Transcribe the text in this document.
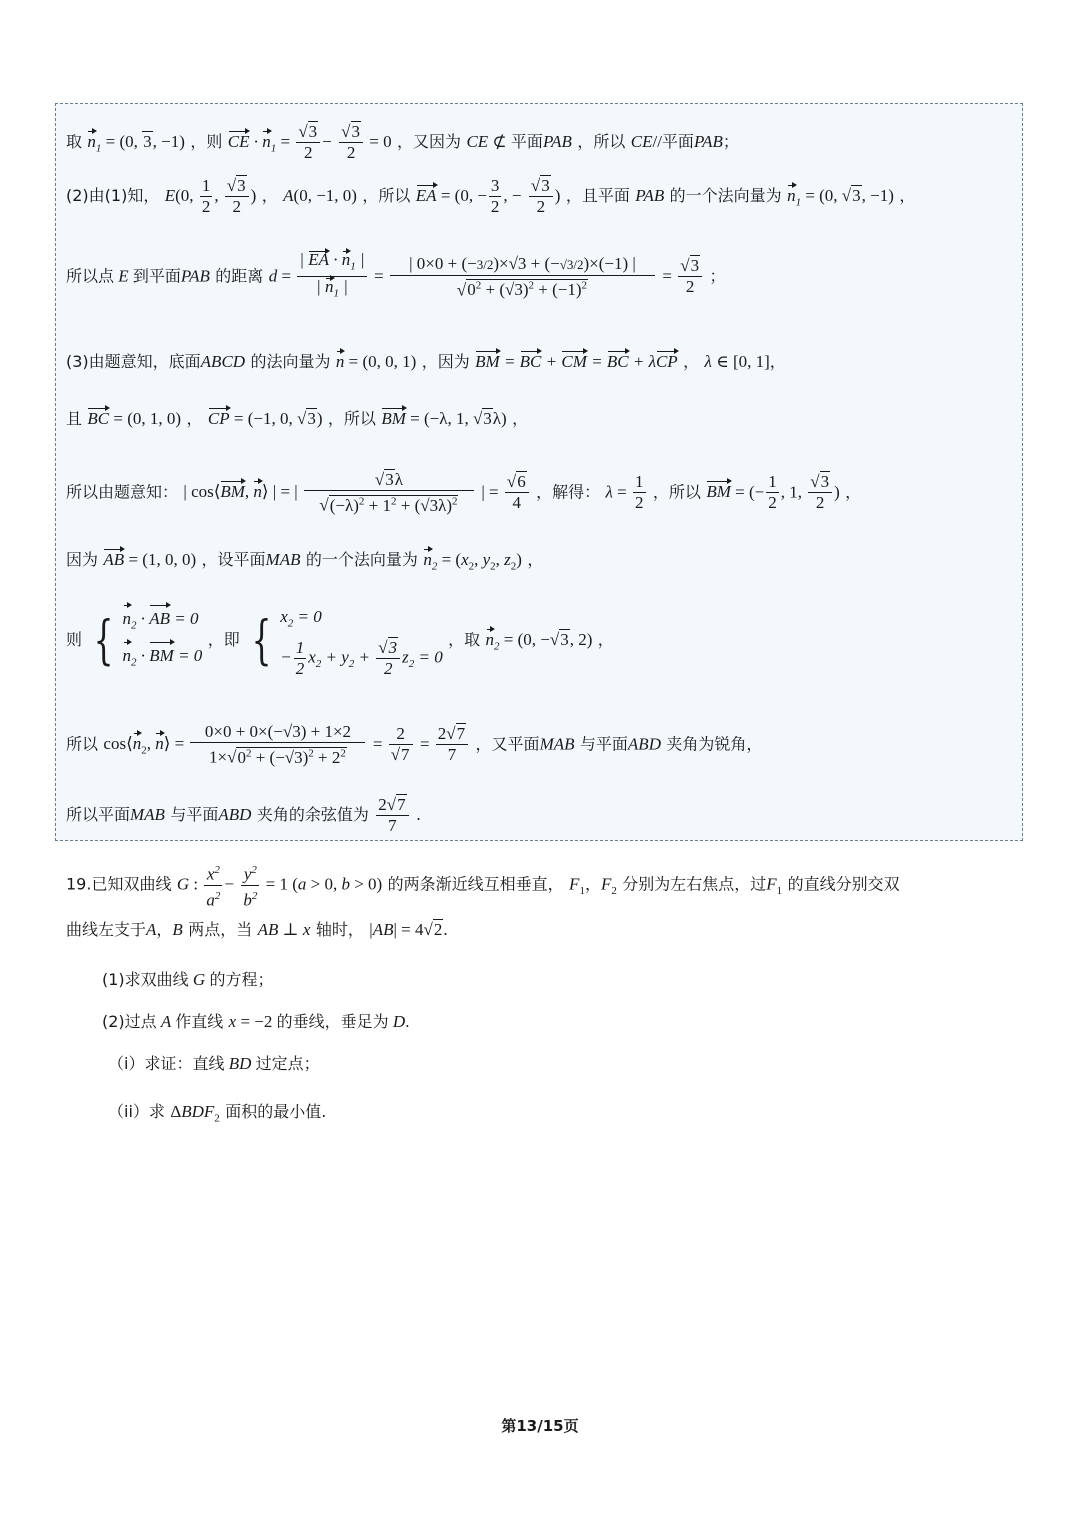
取 $n_1 = (0$, 3, −1) ，则 CE · $n_1 = \frac{√3}{2} - \frac{√3}{2} = 0$ ，又因为 CE ⊄ 平面PAB ，所以 CE//平面PAB；
(2)由(1)知， E(0, $\frac{1}{2}$ , $\frac{√3}{2}$ ) ， A(0, −1, 0) ，所以 EA = (0, − $\frac{3}{2}$ , − $\frac{√3}{2}$ ) ，且平面 PAB 的一个法向量为 $n_1 = (0$, √3, −1) ，
所以点 E 到平面PAB 的距离 $d = \frac{| EA \cdot n_1 |}{| n_1 |} = \frac{| 0\times 0 + (-3/2)\times√3 + (-√3/2)\times(-1) |}{√0^2 + (√3)^2 + (-1)^2} = \frac{√3}{2}$ ；
(3)由题意知，底面ABCD 的法向量为 n = (0, 0, 1) ，因为 BM = BC + CM = BC + λCP ， λ ∈ [0, 1]，
且 BC = (0, 1, 0) ， CP = (−1, 0, √3) ，所以 BM = (−λ, 1, √3λ) ，
所以由题意知： | cos⟨BM, n⟩ | = | $\frac{√3\lambda}{√(-\lambda)^2 + 1^2 + (√3\lambda)^2}$ | = $\frac{√6}{4}$ ，解得： $\lambda = \frac{1}{2}$ ，所以 BM = (− $\frac{1}{2}$ , 1, $\frac{√3}{2}$ ) ，
因为 AB = (1, 0, 0) ，设平面MAB 的一个法向量为 $n_2 = (x_2$, $y_2$, $z_2$) ，
则 { $n_2$ · AB = 0
$n_2$ · BM = 0
，即 { $x_2 = 0$
− $\frac{1}{2} x_2 + y_2 + \frac{√3}{2} z_2 = 0$
，取 $n_2 = (0$, −√3, 2) ，
所以 $\cos⟨n_2$, n⟩ = $\frac{0\times 0 + 0\times(-√3) + 1\times 2}{1\times√0^2 + (-√3)^2 + 2^2} = \frac{2}{√7} = \frac{2√7}{7}$ ，又平面MAB 与平面ABD 夹角为锐角，
所以平面MAB 与平面ABD 夹角的余弦值为 $\frac{2√7}{7}$ .
19.已知双曲线 G : $\frac{x^2}{a^2} - \frac{y^2}{b^2} = 1$ (a > 0, b > 0) 的两条渐近线互相垂直， $F_1$，$F_2$ 分别为左右焦点，过$F_1$ 的直线分别交双
曲线左支于A，B 两点，当 AB ⊥ x 轴时， |AB| = 4√2.
(1)求双曲线 G 的方程；
(2)过点 A 作直线 x = −2 的垂线，垂足为 D.
（i）求证：直线 BD 过定点；
（ii）求 $\Delta BDF_2$ 面积的最小值.
第13/15页
